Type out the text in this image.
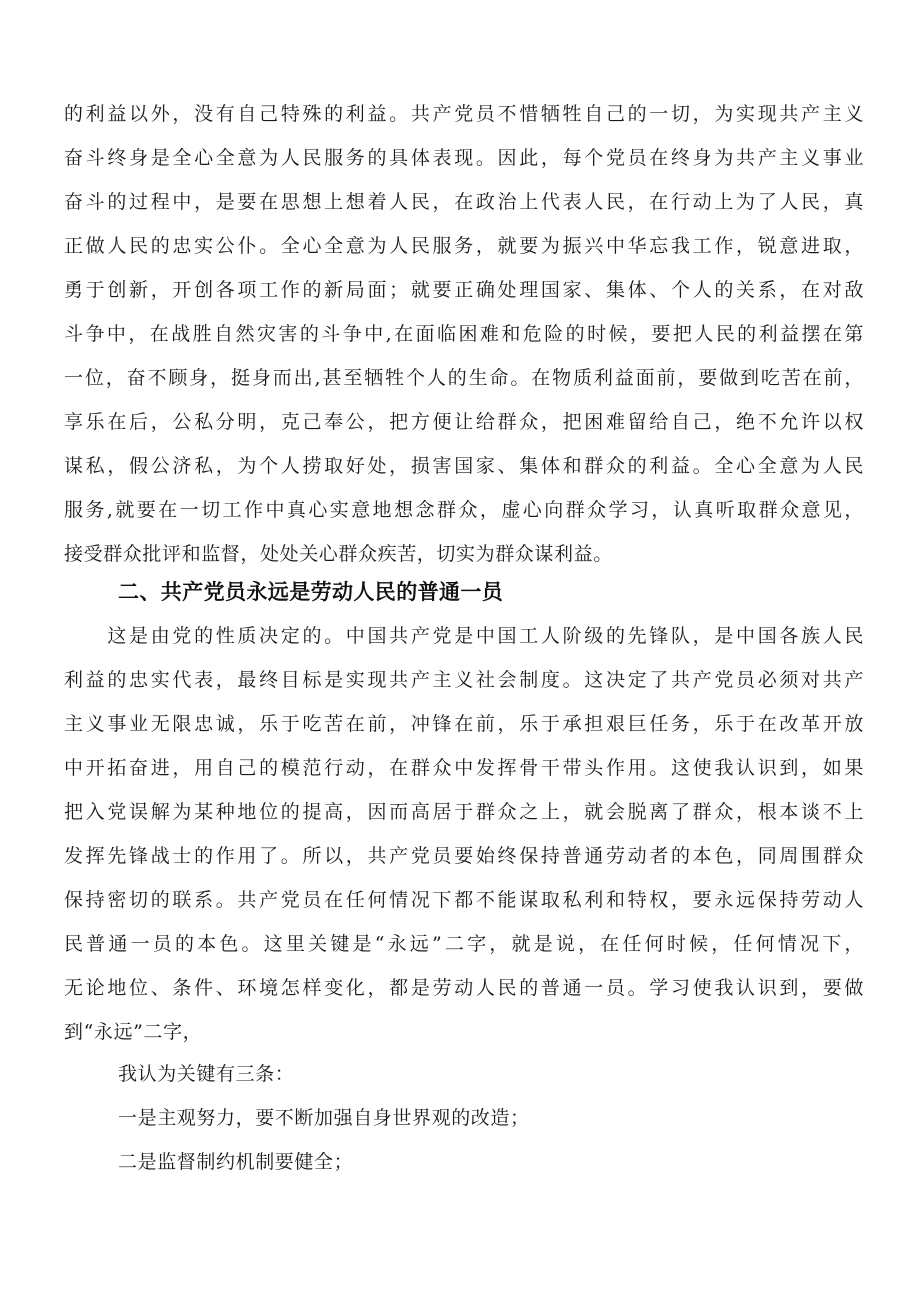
的利益以外，没有自己特殊的利益。共产党员不惜牺牲自己的一切，为实现共产主义
奋斗终身是全心全意为人民服务的具体表现。因此，每个党员在终身为共产主义事业
奋斗的过程中，是要在思想上想着人民，在政治上代表人民，在行动上为了人民，真
正做人民的忠实公仆。全心全意为人民服务，就要为振兴中华忘我工作，锐意进取，
勇于创新，开创各项工作的新局面；就要正确处理国家、集体、个人的关系，在对敌
斗争中，在战胜自然灾害的斗争中,在面临困难和危险的时候，要把人民的利益摆在第
一位，奋不顾身，挺身而出,甚至牺牲个人的生命。在物质利益面前，要做到吃苦在前，
享乐在后，公私分明，克己奉公，把方便让给群众，把困难留给自己，绝不允许以权
谋私，假公济私，为个人捞取好处，损害国家、集体和群众的利益。全心全意为人民
服务,就要在一切工作中真心实意地想念群众，虚心向群众学习，认真听取群众意见，
接受群众批评和监督，处处关心群众疾苦，切实为群众谋利益。
二、共产党员永远是劳动人民的普通一员
　　这是由党的性质决定的。中国共产党是中国工人阶级的先锋队，是中国各族人民
利益的忠实代表，最终目标是实现共产主义社会制度。这决定了共产党员必须对共产
主义事业无限忠诚，乐于吃苦在前，冲锋在前，乐于承担艰巨任务，乐于在改革开放
中开拓奋进，用自己的模范行动，在群众中发挥骨干带头作用。这使我认识到，如果
把入党误解为某种地位的提高，因而高居于群众之上，就会脱离了群众，根本谈不上
发挥先锋战士的作用了。所以，共产党员要始终保持普通劳动者的本色，同周围群众
保持密切的联系。共产党员在任何情况下都不能谋取私利和特权，要永远保持劳动人
民普通一员的本色。这里关键是“永远”二字，就是说，在任何时候，任何情况下，
无论地位、条件、环境怎样变化，都是劳动人民的普通一员。学习使我认识到，要做
到“永远”二字，
我认为关键有三条：
一是主观努力，要不断加强自身世界观的改造；
二是监督制约机制要健全；
